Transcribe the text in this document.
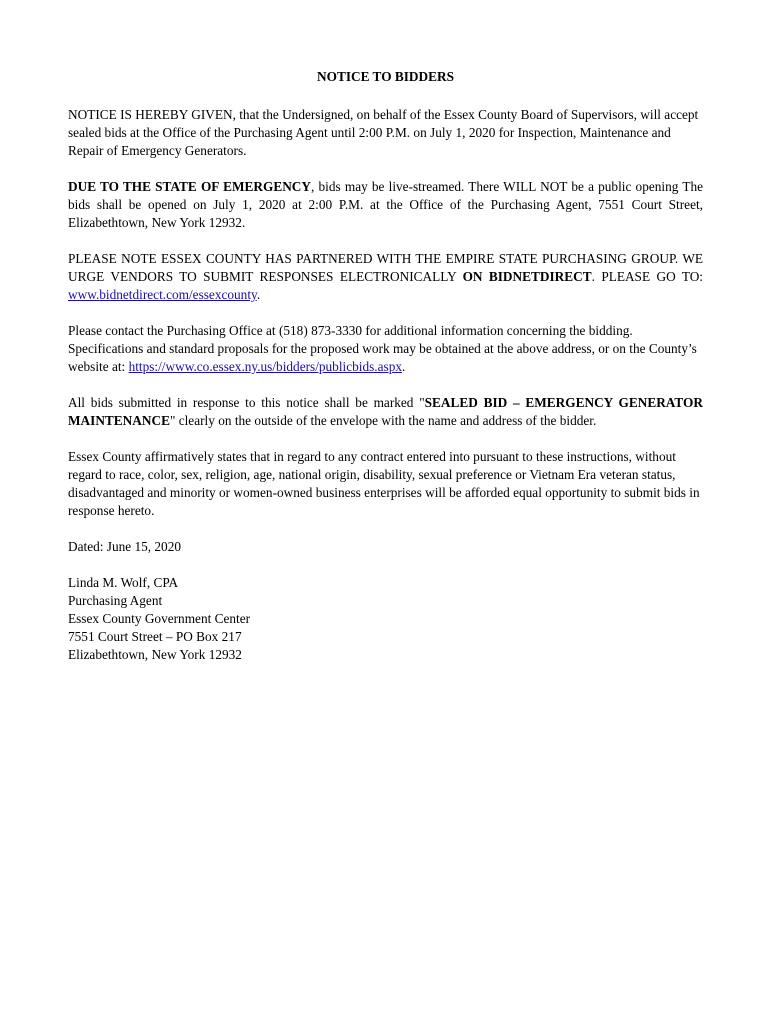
NOTICE TO BIDDERS

NOTICE IS HEREBY GIVEN, that the Undersigned, on behalf of the Essex County Board of Supervisors, will accept sealed bids at the Office of the Purchasing Agent until 2:00 P.M. on July 1, 2020 for Inspection, Maintenance and Repair of Emergency Generators.

DUE TO THE STATE OF EMERGENCY, bids may be live-streamed. There WILL NOT be a public opening The bids shall be opened on July 1, 2020 at 2:00 P.M. at the Office of the Purchasing Agent, 7551 Court Street, Elizabethtown, New York 12932.

PLEASE NOTE ESSEX COUNTY HAS PARTNERED WITH THE EMPIRE STATE PURCHASING GROUP. WE URGE VENDORS TO SUBMIT RESPONSES ELECTRONICALLY ON BIDNETDIRECT. PLEASE GO TO: www.bidnetdirect.com/essexcounty.

Please contact the Purchasing Office at (518) 873-3330 for additional information concerning the bidding. Specifications and standard proposals for the proposed work may be obtained at the above address, or on the County’s website at: https://www.co.essex.ny.us/bidders/publicbids.aspx.

All bids submitted in response to this notice shall be marked "SEALED BID – EMERGENCY GENERATOR MAINTENANCE" clearly on the outside of the envelope with the name and address of the bidder.

Essex County affirmatively states that in regard to any contract entered into pursuant to these instructions, without regard to race, color, sex, religion, age, national origin, disability, sexual preference or Vietnam Era veteran status, disadvantaged and minority or women-owned business enterprises will be afforded equal opportunity to submit bids in response hereto.

Dated: June 15, 2020

Linda M. Wolf, CPA
Purchasing Agent
Essex County Government Center
7551 Court Street – PO Box 217
Elizabethtown, New York 12932
